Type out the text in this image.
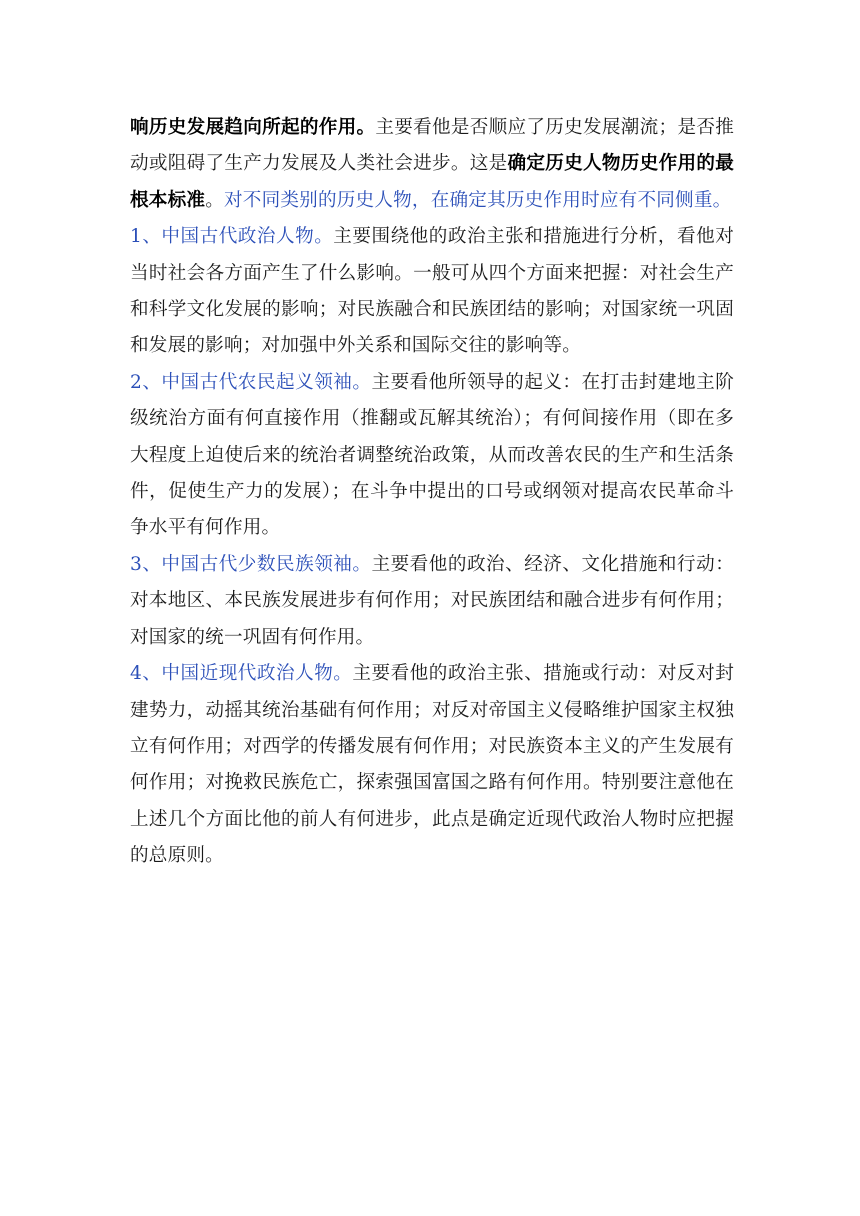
响历史发展趋向所起的作用。主要看他是否顺应了历史发展潮流；是否推动或阻碍了生产力发展及人类社会进步。这是确定历史人物历史作用的最根本标准。对不同类别的历史人物，在确定其历史作用时应有不同侧重。

1、中国古代政治人物。主要围绕他的政治主张和措施进行分析，看他对当时社会各方面产生了什么影响。一般可从四个方面来把握：对社会生产和科学文化发展的影响；对民族融合和民族团结的影响；对国家统一巩固和发展的影响；对加强中外关系和国际交往的影响等。

2、中国古代农民起义领袖。主要看他所领导的起义：在打击封建地主阶级统治方面有何直接作用（推翻或瓦解其统治）；有何间接作用（即在多大程度上迫使后来的统治者调整统治政策，从而改善农民的生产和生活条件，促使生产力的发展）；在斗争中提出的口号或纲领对提高农民革命斗争水平有何作用。

3、中国古代少数民族领袖。主要看他的政治、经济、文化措施和行动：对本地区、本民族发展进步有何作用；对民族团结和融合进步有何作用；对国家的统一巩固有何作用。

4、中国近现代政治人物。主要看他的政治主张、措施或行动：对反对封建势力，动摇其统治基础有何作用；对反对帝国主义侵略维护国家主权独立有何作用；对西学的传播发展有何作用；对民族资本主义的产生发展有何作用；对挽救民族危亡，探索强国富国之路有何作用。特别要注意他在上述几个方面比他的前人有何进步，此点是确定近现代政治人物时应把握的总原则。
